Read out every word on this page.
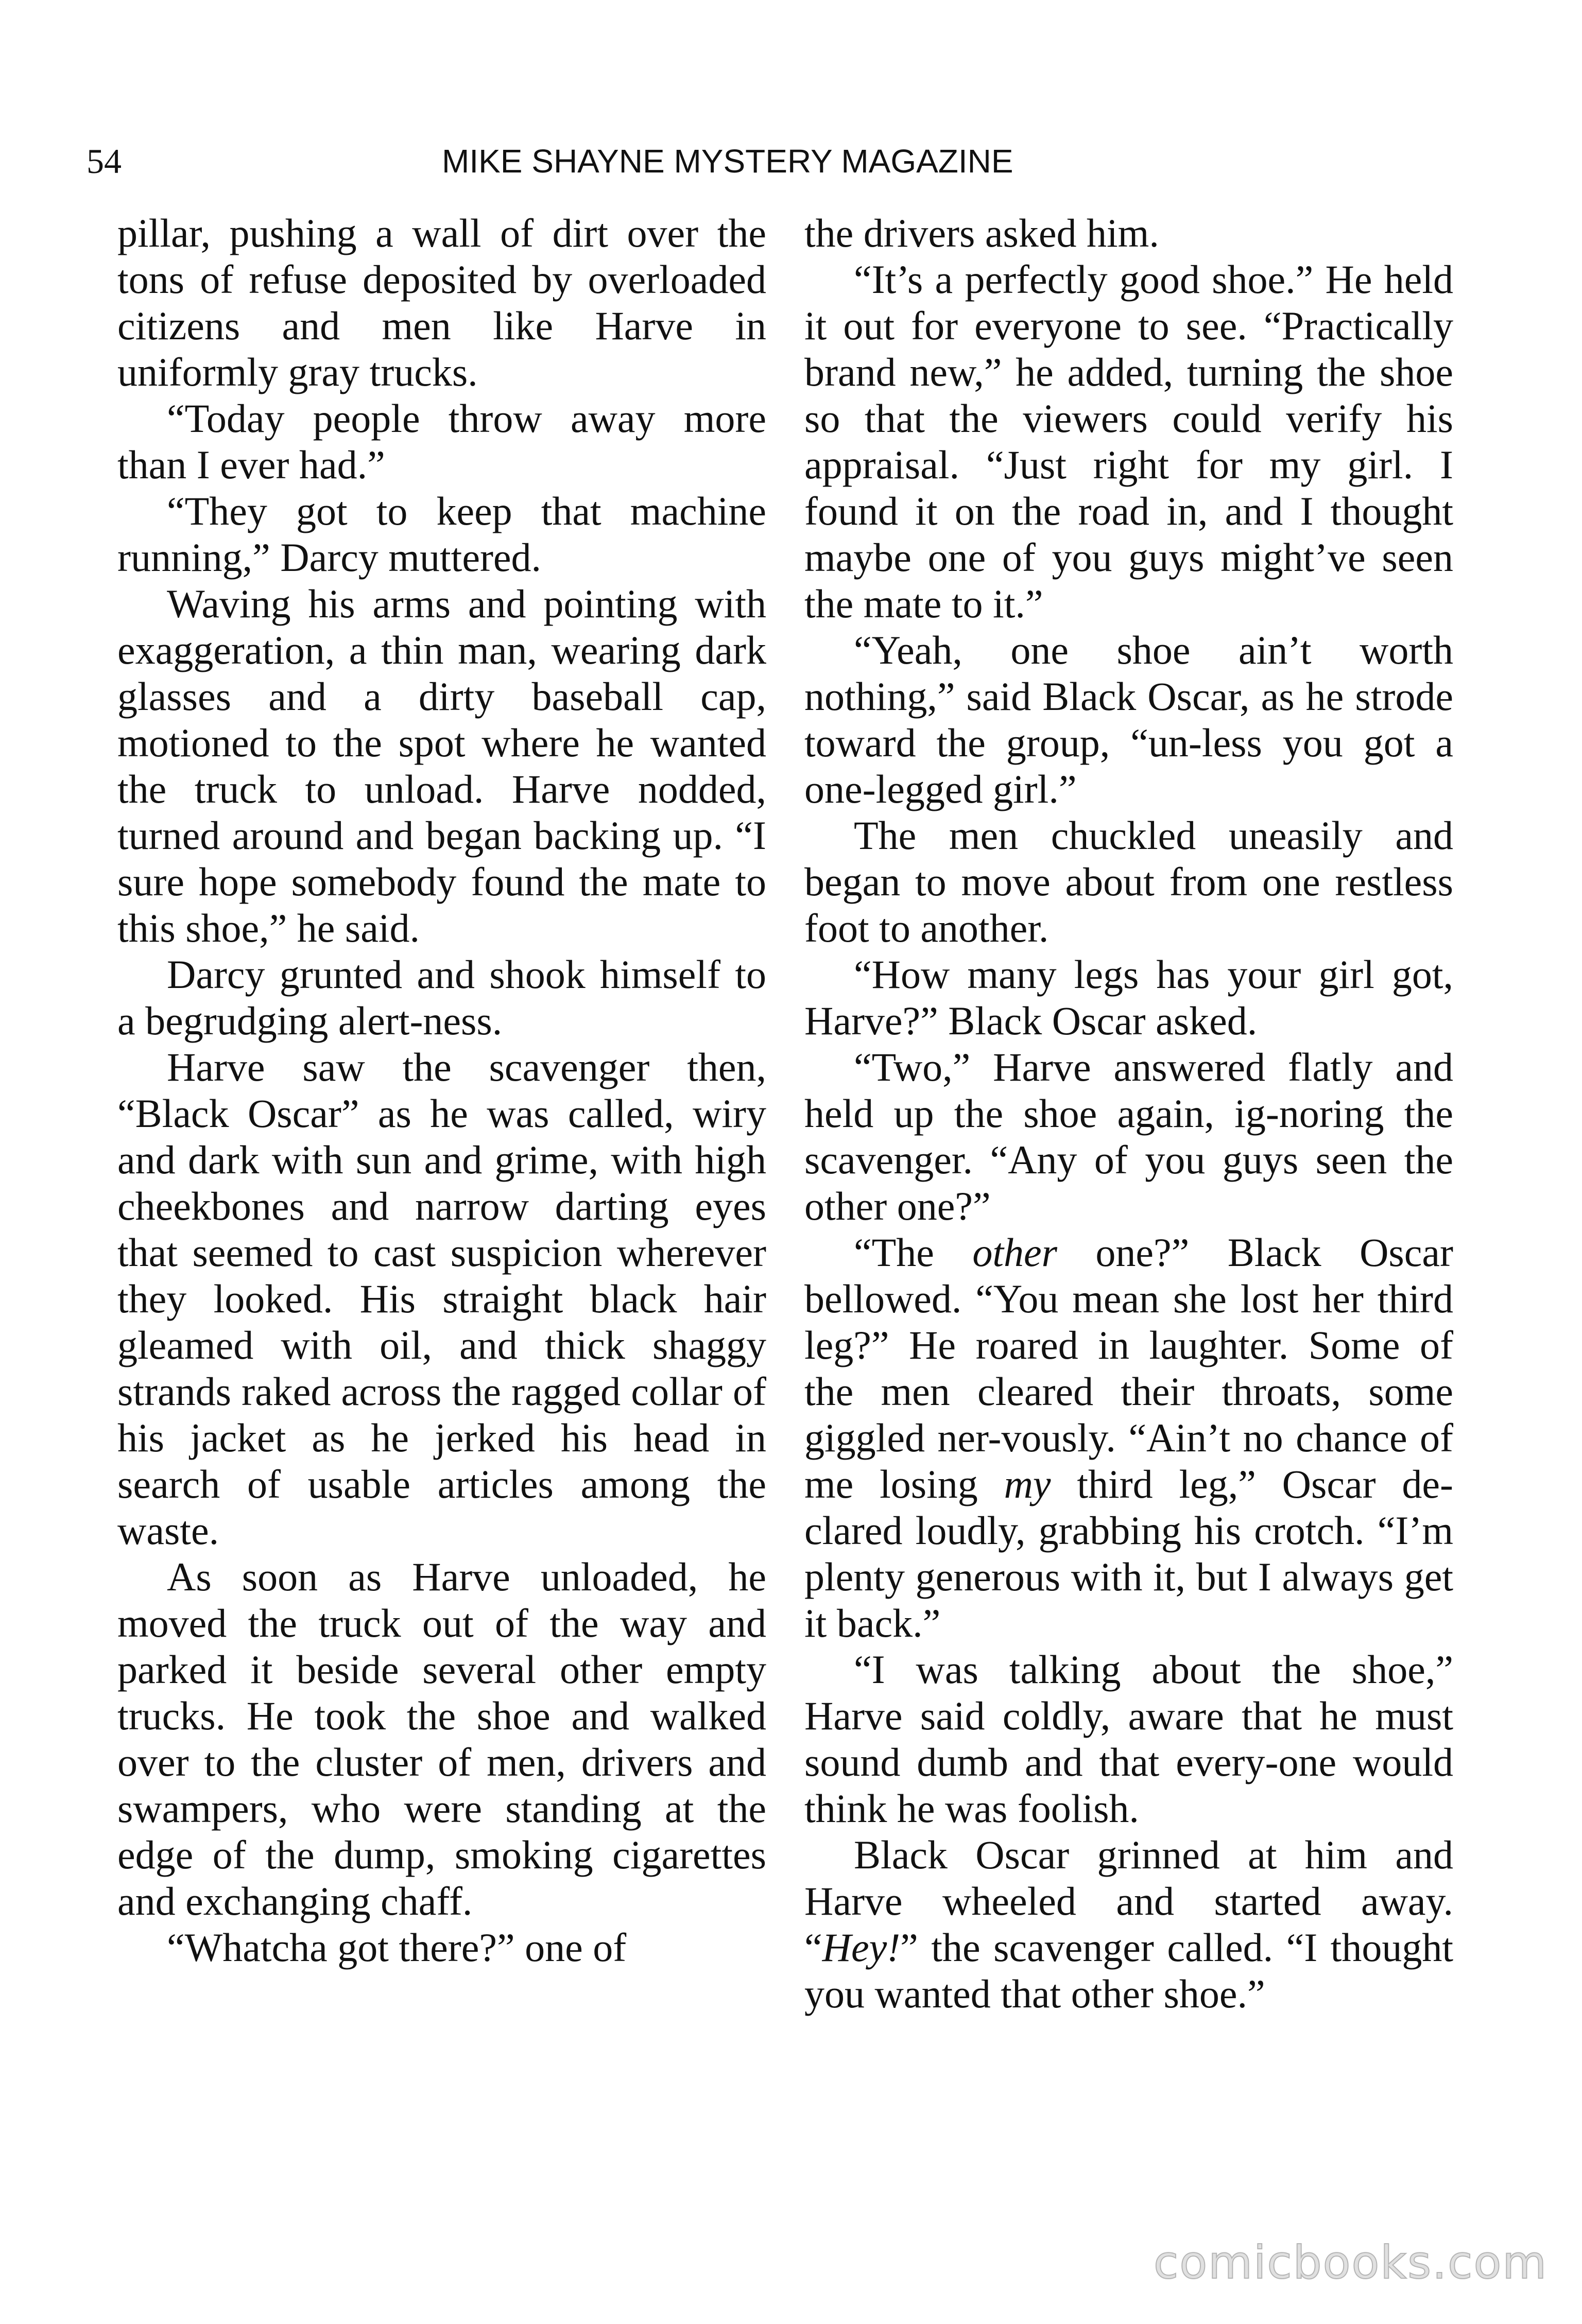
54	MIKE SHAYNE MYSTERY MAGAZINE

pillar, pushing a wall of dirt over the tons of refuse deposited by overloaded citizens and men like Harve in uniformly gray trucks.

“Today people throw away more than I ever had.”

“They got to keep that machine running,” Darcy muttered.

Waving his arms and pointing with exaggeration, a thin man, wearing dark glasses and a dirty baseball cap, motioned to the spot where he wanted the truck to unload. Harve nodded, turned around and began backing up. “I sure hope somebody found the mate to this shoe,” he said.

Darcy grunted and shook himself to a begrudging alert-ness.

Harve saw the scavenger then, “Black Oscar” as he was called, wiry and dark with sun and grime, with high cheekbones and narrow darting eyes that seemed to cast suspicion wherever they looked. His straight black hair gleamed with oil, and thick shaggy strands raked across the ragged collar of his jacket as he jerked his head in search of usable articles among the waste.

As soon as Harve unloaded, he moved the truck out of the way and parked it beside several other empty trucks. He took the shoe and walked over to the cluster of men, drivers and swampers, who were standing at the edge of the dump, smoking cigarettes and exchanging chaff.

“Whatcha got there?” one of

the drivers asked him.

“It’s a perfectly good shoe.” He held it out for everyone to see. “Practically brand new,” he added, turning the shoe so that the viewers could verify his appraisal. “Just right for my girl. I found it on the road in, and I thought maybe one of you guys might’ve seen the mate to it.”

“Yeah, one shoe ain’t worth nothing,” said Black Oscar, as he strode toward the group, “un-less you got a one-legged girl.”

The men chuckled uneasily and began to move about from one restless foot to another.

“How many legs has your girl got, Harve?” Black Oscar asked.

“Two,” Harve answered flatly and held up the shoe again, ig-noring the scavenger. “Any of you guys seen the other one?”

“The other one?” Black Oscar bellowed. “You mean she lost her third leg?” He roared in laughter. Some of the men cleared their throats, some giggled ner-vously. “Ain’t no chance of me losing my third leg,” Oscar de-clared loudly, grabbing his crotch. “I’m plenty generous with it, but I always get it back.”

“I was talking about the shoe,” Harve said coldly, aware that he must sound dumb and that every-one would think he was foolish.

Black Oscar grinned at him and Harve wheeled and started away. “Hey!” the scavenger called. “I thought you wanted that other shoe.”

comicbooks.com
